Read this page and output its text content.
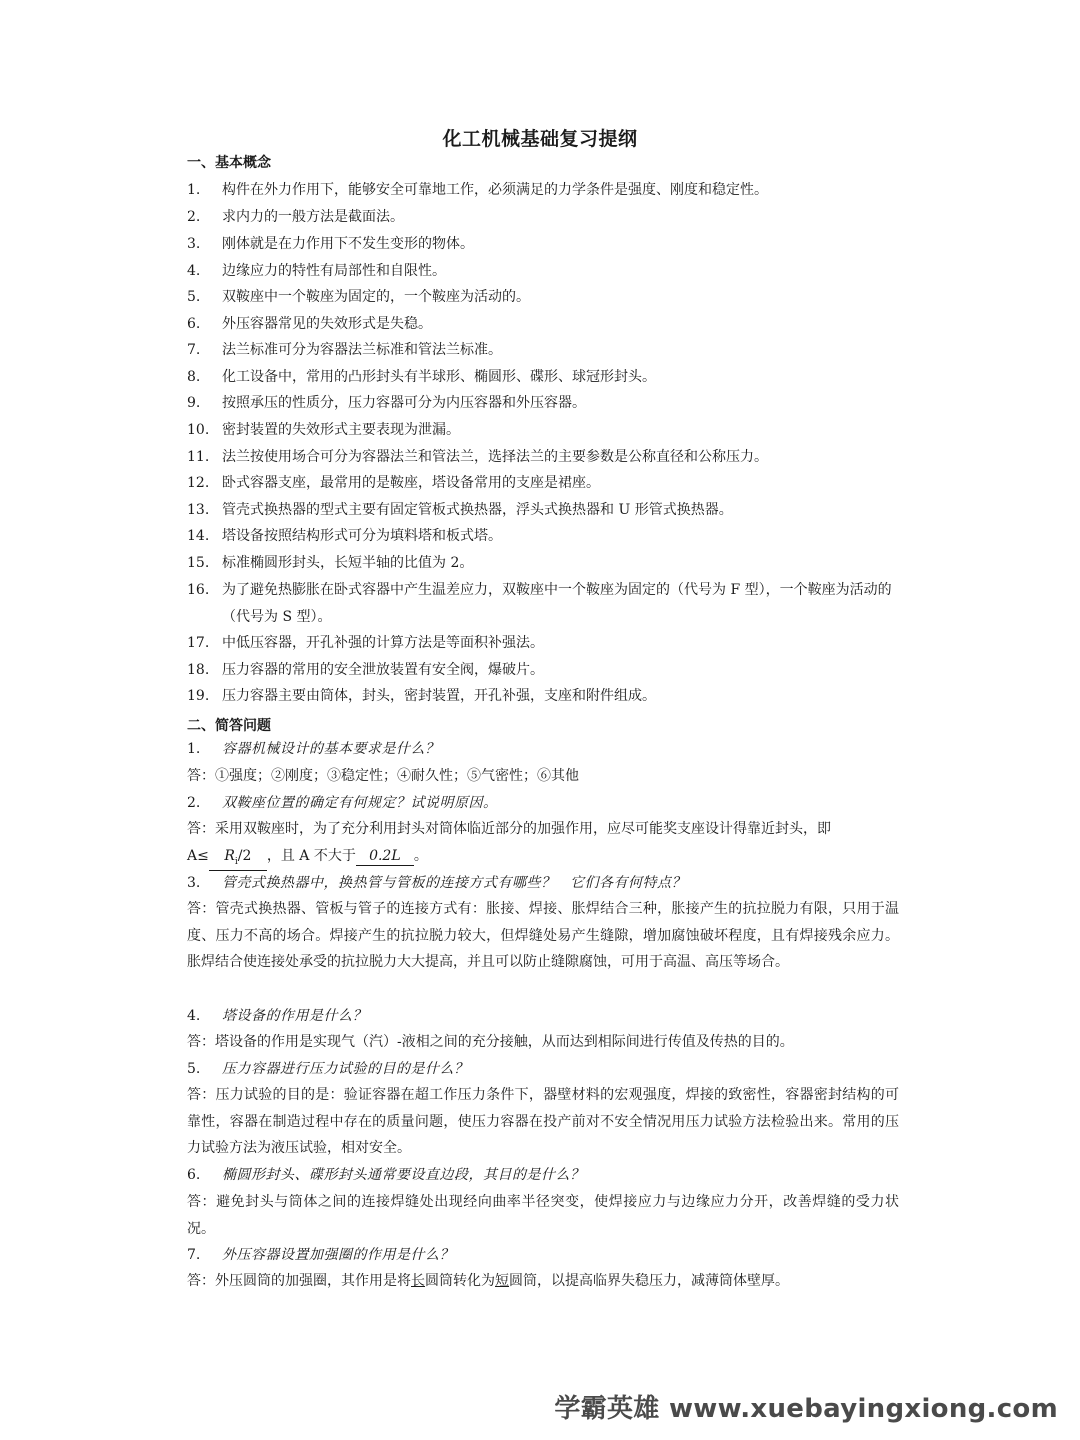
化工机械基础复习提纲
一、基本概念
1. 构件在外力作用下，能够安全可靠地工作，必须满足的力学条件是强度、刚度和稳定性。
2. 求内力的一般方法是截面法。
3. 刚体就是在力作用下不发生变形的物体。
4. 边缘应力的特性有局部性和自限性。
5. 双鞍座中一个鞍座为固定的，一个鞍座为活动的。
6. 外压容器常见的失效形式是失稳。
7. 法兰标准可分为容器法兰标准和管法兰标准。
8. 化工设备中，常用的凸形封头有半球形、椭圆形、碟形、球冠形封头。
9. 按照承压的性质分，压力容器可分为内压容器和外压容器。
10. 密封装置的失效形式主要表现为泄漏。
11. 法兰按使用场合可分为容器法兰和管法兰，选择法兰的主要参数是公称直径和公称压力。
12. 卧式容器支座，最常用的是鞍座，塔设备常用的支座是裙座。
13. 管壳式换热器的型式主要有固定管板式换热器，浮头式换热器和 U 形管式换热器。
14. 塔设备按照结构形式可分为填料塔和板式塔。
15. 标准椭圆形封头，长短半轴的比值为 2。
16. 为了避免热膨胀在卧式容器中产生温差应力，双鞍座中一个鞍座为固定的（代号为 F 型），一个鞍座为活动的（代号为 S 型）。
17. 中低压容器，开孔补强的计算方法是等面积补强法。
18. 压力容器的常用的安全泄放装置有安全阀，爆破片。
19. 压力容器主要由筒体，封头，密封装置，开孔补强，支座和附件组成。
二、简答问题
1. 容器机械设计的基本要求是什么？
答：①强度；②刚度；③稳定性；④耐久性；⑤气密性；⑥其他
2. 双鞍座位置的确定有何规定？试说明原因。
答：采用双鞍座时，为了充分利用封头对筒体临近部分的加强作用，应尽可能奖支座设计得靠近封头，即
$A\le R_i/2$ ，且 A 不大于 0.2L 。
3. 管壳式换热器中，换热管与管板的连接方式有哪些？　它们各有何特点？
答：管壳式换热器、管板与管子的连接方式有：胀接、焊接、胀焊结合三种，胀接产生的抗拉脱力有限，只用于温度、压力不高的场合。焊接产生的抗拉脱力较大，但焊缝处易产生缝隙，增加腐蚀破坏程度，且有焊接残余应力。胀焊结合使连接处承受的抗拉脱力大大提高，并且可以防止缝隙腐蚀，可用于高温、高压等场合。
4. 塔设备的作用是什么？
答：塔设备的作用是实现气（汽）-液相之间的充分接触，从而达到相际间进行传值及传热的目的。
5. 压力容器进行压力试验的目的是什么？
答：压力试验的目的是：验证容器在超工作压力条件下，器壁材料的宏观强度，焊接的致密性，容器密封结构的可靠性，容器在制造过程中存在的质量问题，使压力容器在投产前对不安全情况用压力试验方法检验出来。常用的压力试验方法为液压试验，相对安全。
6. 椭圆形封头、碟形封头通常要设直边段，其目的是什么？
答：避免封头与筒体之间的连接焊缝处出现经向曲率半径突变，使焊接应力与边缘应力分开，改善焊缝的受力状况。
7. 外压容器设置加强圈的作用是什么？
答：外压圆筒的加强圈，其作用是将长圆筒转化为短圆筒，以提高临界失稳压力，减薄筒体壁厚。
学霸英雄 www.xuebayingxiong.com
